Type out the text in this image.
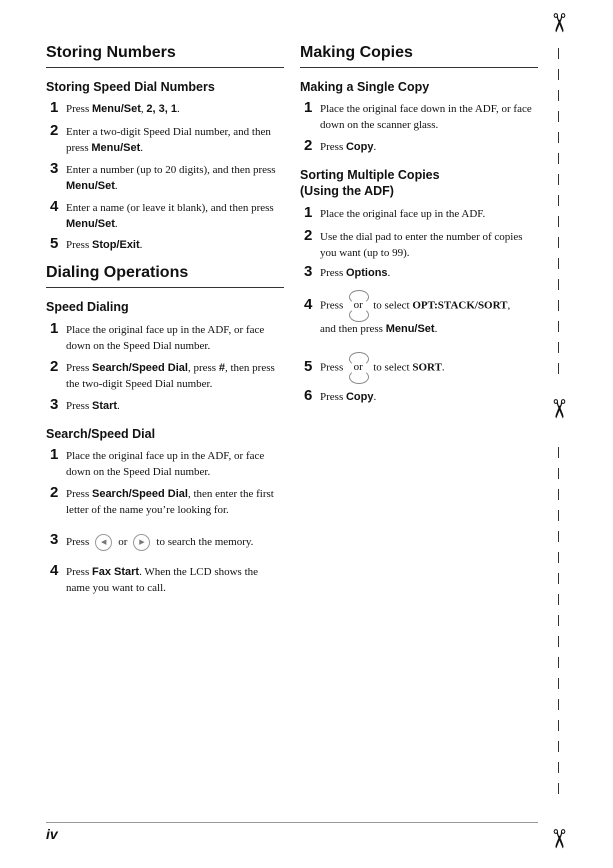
Storing Numbers
Storing Speed Dial Numbers
1 Press Menu/Set, 2, 3, 1.
2 Enter a two-digit Speed Dial number, and then press Menu/Set.
3 Enter a number (up to 20 digits), and then press Menu/Set.
4 Enter a name (or leave it blank), and then press Menu/Set.
5 Press Stop/Exit.
Dialing Operations
Speed Dialing
1 Place the original face up in the ADF, or face down on the Speed Dial number.
2 Press Search/Speed Dial, press #, then press the two-digit Speed Dial number.
3 Press Start.
Search/Speed Dial
1 Place the original face up in the ADF, or face down on the Speed Dial number.
2 Press Search/Speed Dial, then enter the first letter of the name you’re looking for.
3 Press ◀ or ▶ to search the memory.
4 Press Fax Start. When the LCD shows the name you want to call.
Making Copies
Making a Single Copy
1 Place the original face down in the ADF, or face down on the scanner glass.
2 Press Copy.
Sorting Multiple Copies
(Using the ADF)
1 Place the original face up in the ADF.
2 Use the dial pad to enter the number of copies you want (up to 99).
3 Press Options.
4 Press or to select OPT:STACK/SORT,
and then press Menu/Set.
5 Press or to select SORT.
6 Press Copy.
✂
✂
✂
iv
